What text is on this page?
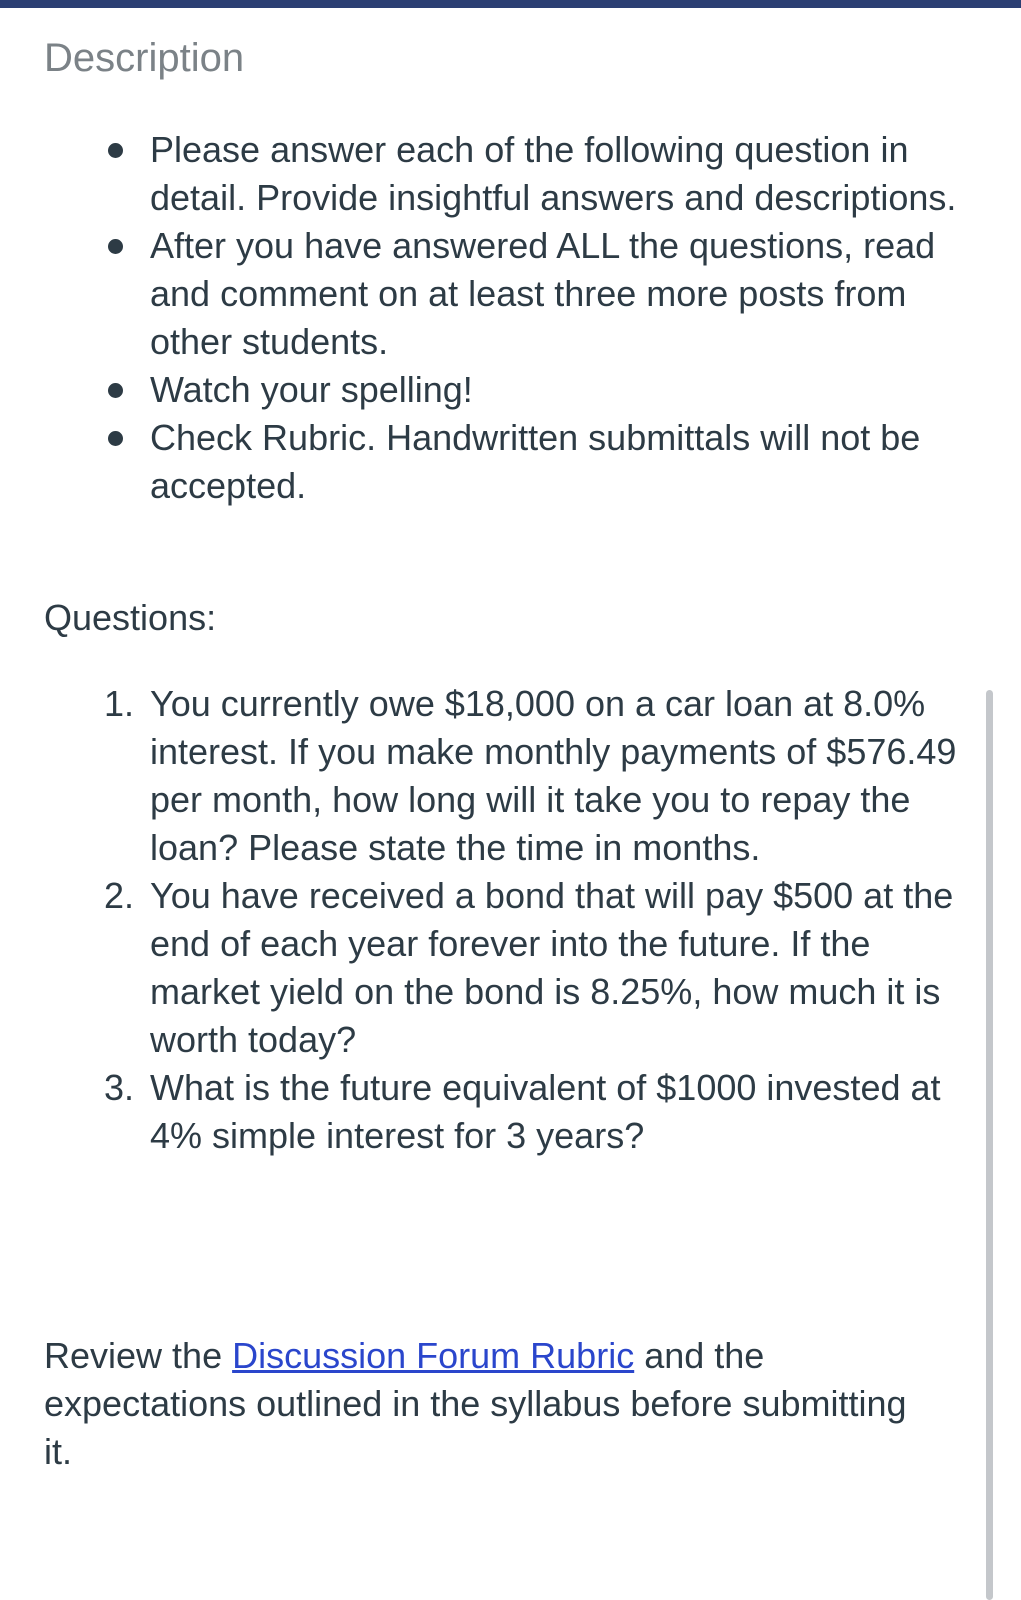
Description
Please answer each of the following question in detail. Provide insightful answers and descriptions.
After you have answered ALL the questions, read and comment on at least three more posts from other students.
Watch your spelling!
Check Rubric. Handwritten submittals will not be accepted.

Questions:

1. You currently owe $18,000 on a car loan at 8.0% interest. If you make monthly payments of $576.49 per month, how long will it take you to repay the loan? Please state the time in months.
2. You have received a bond that will pay $500 at the end of each year forever into the future. If the market yield on the bond is 8.25%, how much it is worth today?
3. What is the future equivalent of $1000 invested at 4% simple interest for 3 years?

Review the Discussion Forum Rubric and the expectations outlined in the syllabus before submitting it.
